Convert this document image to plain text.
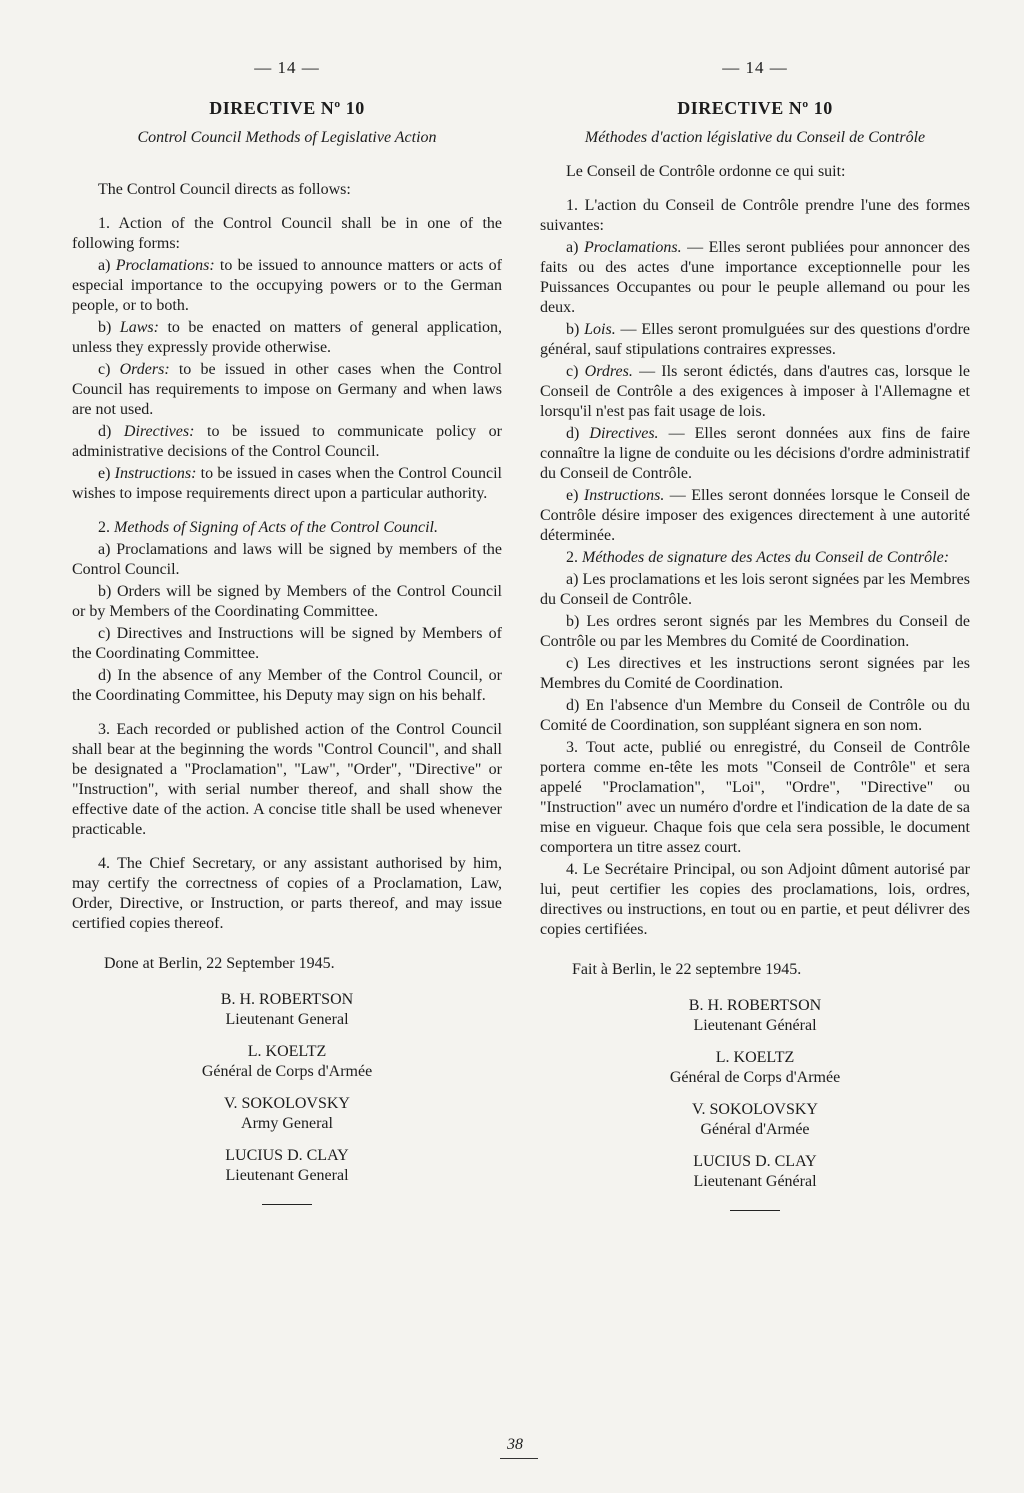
— 14 —
DIRECTIVE Nº 10
Control Council Methods of Legislative Action

The Control Council directs as follows:

1. Action of the Control Council shall be in one of the following forms:

a) Proclamations: to be issued to announce matters or acts of especial importance to the occupying powers or to the German people, or to both.

b) Laws: to be enacted on matters of general application, unless they expressly provide otherwise.

c) Orders: to be issued in other cases when the Control Council has requirements to impose on Germany and when laws are not used.

d) Directives: to be issued to communicate policy or administrative decisions of the Control Council.

e) Instructions: to be issued in cases when the Control Council wishes to impose requirements direct upon a particular authority.

2. Methods of Signing of Acts of the Control Council.

a) Proclamations and laws will be signed by members of the Control Council.

b) Orders will be signed by Members of the Control Council or by Members of the Coordinating Committee.

c) Directives and Instructions will be signed by Members of the Coordinating Committee.

d) In the absence of any Member of the Control Council, or the Coordinating Committee, his Deputy may sign on his behalf.

3. Each recorded or published action of the Control Council shall bear at the beginning the words "Control Council", and shall be designated a "Proclamation", "Law", "Order", "Directive" or "Instruction", with serial number thereof, and shall show the effective date of the action. A concise title shall be used whenever practicable.

4. The Chief Secretary, or any assistant authorised by him, may certify the correctness of copies of a Proclamation, Law, Order, Directive, or Instruction, or parts thereof, and may issue certified copies thereof.

Done at Berlin, 22 September 1945.

B. H. ROBERTSON
Lieutenant General
L. KOELTZ
Général de Corps d'Armée
V. SOKOLOVSKY
Army General
LUCIUS D. CLAY
Lieutenant General
— 14 —
DIRECTIVE Nº 10
Méthodes d'action législative du Conseil de Contrôle

Le Conseil de Contrôle ordonne ce qui suit:

1. L'action du Conseil de Contrôle prendre l'une des formes suivantes:

a) Proclamations. — Elles seront publiées pour annoncer des faits ou des actes d'une importance exceptionnelle pour les Puissances Occupantes ou pour le peuple allemand ou pour les deux.

b) Lois. — Elles seront promulguées sur des questions d'ordre général, sauf stipulations contraires expresses.

c) Ordres. — Ils seront édictés, dans d'autres cas, lorsque le Conseil de Contrôle a des exigences à imposer à l'Allemagne et lorsqu'il n'est pas fait usage de lois.

d) Directives. — Elles seront données aux fins de faire connaître la ligne de conduite ou les décisions d'ordre administratif du Conseil de Contrôle.

e) Instructions. — Elles seront données lorsque le Conseil de Contrôle désire imposer des exigences directement à une autorité déterminée.

2. Méthodes de signature des Actes du Conseil de Contrôle:

a) Les proclamations et les lois seront signées par les Membres du Conseil de Contrôle.

b) Les ordres seront signés par les Membres du Conseil de Contrôle ou par les Membres du Comité de Coordination.

c) Les directives et les instructions seront signées par les Membres du Comité de Coordination.

d) En l'absence d'un Membre du Conseil de Contrôle ou du Comité de Coordination, son suppléant signera en son nom.

3. Tout acte, publié ou enregistré, du Conseil de Contrôle portera comme en-tête les mots "Conseil de Contrôle" et sera appelé "Proclamation", "Loi", "Ordre", "Directive" ou "Instruction" avec un numéro d'ordre et l'indication de la date de sa mise en vigueur. Chaque fois que cela sera possible, le document comportera un titre assez court.

4. Le Secrétaire Principal, ou son Adjoint dûment autorisé par lui, peut certifier les copies des proclamations, lois, ordres, directives ou instructions, en tout ou en partie, et peut délivrer des copies certifiées.

Fait à Berlin, le 22 septembre 1945.

B. H. ROBERTSON
Lieutenant Général
L. KOELTZ
Général de Corps d'Armée
V. SOKOLOVSKY
Général d'Armée
LUCIUS D. CLAY
Lieutenant Général
38
